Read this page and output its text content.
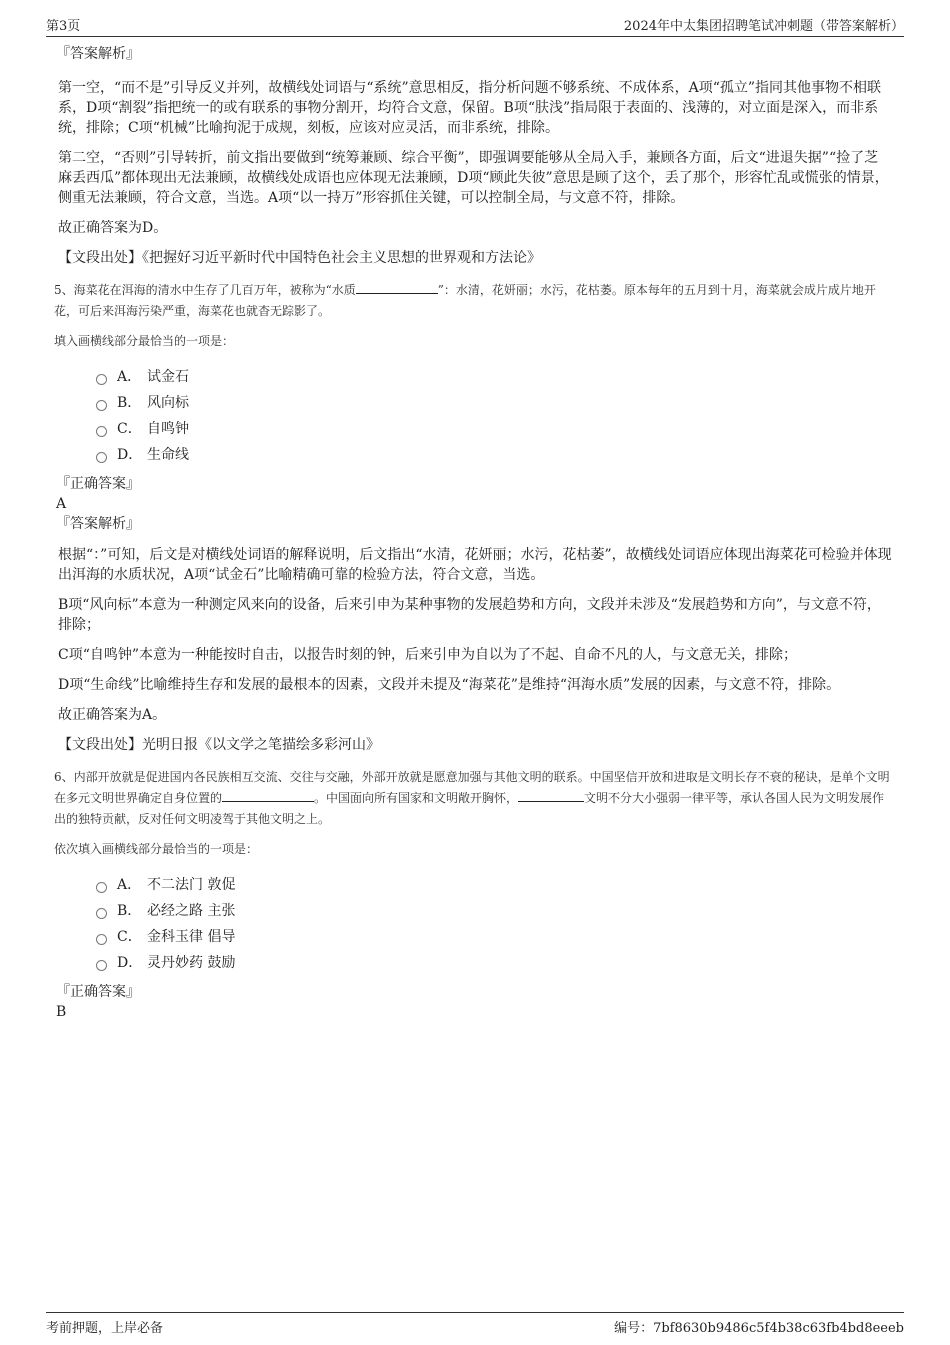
第3页	2024年中太集团招聘笔试冲刺题（带答案解析）

『答案解析』

第一空，“而不是”引导反义并列，故横线处词语与“系统”意思相反，指分析问题不够系统、不成体系，A项“孤立”指同其他事物不相联系，D项“割裂”指把统一的或有联系的事物分割开，均符合文意，保留。B项“肤浅”指局限于表面的、浅薄的，对立面是深入，而非系统，排除；C项“机械”比喻拘泥于成规，刻板，应该对应灵活，而非系统，排除。

第二空，“否则”引导转折，前文指出要做到“统筹兼顾、综合平衡”，即强调要能够从全局入手，兼顾各方面，后文“进退失据”“捡了芝麻丢西瓜”都体现出无法兼顾，故横线处成语也应体现无法兼顾，D项“顾此失彼”意思是顾了这个，丢了那个，形容忙乱或慌张的情景，侧重无法兼顾，符合文意，当选。A项“以一持万”形容抓住关键，可以控制全局，与文意不符，排除。

故正确答案为D。

【文段出处】《把握好习近平新时代中国特色社会主义思想的世界观和方法论》

5、海菜花在洱海的清水中生存了几百万年，被称为“水质	”：水清，花妍丽；水污，花枯萎。原本每年的五月到十月，海菜就会成片成片地开花，可后来洱海污染严重，海菜花也就杳无踪影了。

填入画横线部分最恰当的一项是：

A． 试金石
B． 风向标
C． 自鸣钟
D． 生命线

『正确答案』

A

『答案解析』

根据“：”可知，后文是对横线处词语的解释说明，后文指出“水清，花妍丽；水污，花枯萎”，故横线处词语应体现出海菜花可检验并体现出洱海的水质状况，A项“试金石”比喻精确可靠的检验方法，符合文意，当选。

B项“风向标”本意为一种测定风来向的设备，后来引申为某种事物的发展趋势和方向，文段并未涉及“发展趋势和方向”，与文意不符，排除；

C项“自鸣钟”本意为一种能按时自击，以报告时刻的钟，后来引申为自以为了不起、自命不凡的人，与文意无关，排除；

D项“生命线”比喻维持生存和发展的最根本的因素，文段并未提及“海菜花”是维持“洱海水质”发展的因素，与文意不符，排除。

故正确答案为A。

【文段出处】光明日报《以文学之笔描绘多彩河山》

6、内部开放就是促进国内各民族相互交流、交往与交融，外部开放就是愿意加强与其他文明的联系。中国坚信开放和进取是文明长存不衰的秘诀，是单个文明在多元文明世界确定自身位置的	。中国面向所有国家和文明敞开胸怀，	文明不分大小强弱一律平等，承认各国人民为文明发展作出的独特贡献，反对任何文明凌驾于其他文明之上。

依次填入画横线部分最恰当的一项是：

A． 不二法门 敦促
B． 必经之路 主张
C． 金科玉律 倡导
D． 灵丹妙药 鼓励

『正确答案』

B

考前押题，上岸必备	编号：7bf8630b9486c5f4b38c63fb4bd8eeeb
